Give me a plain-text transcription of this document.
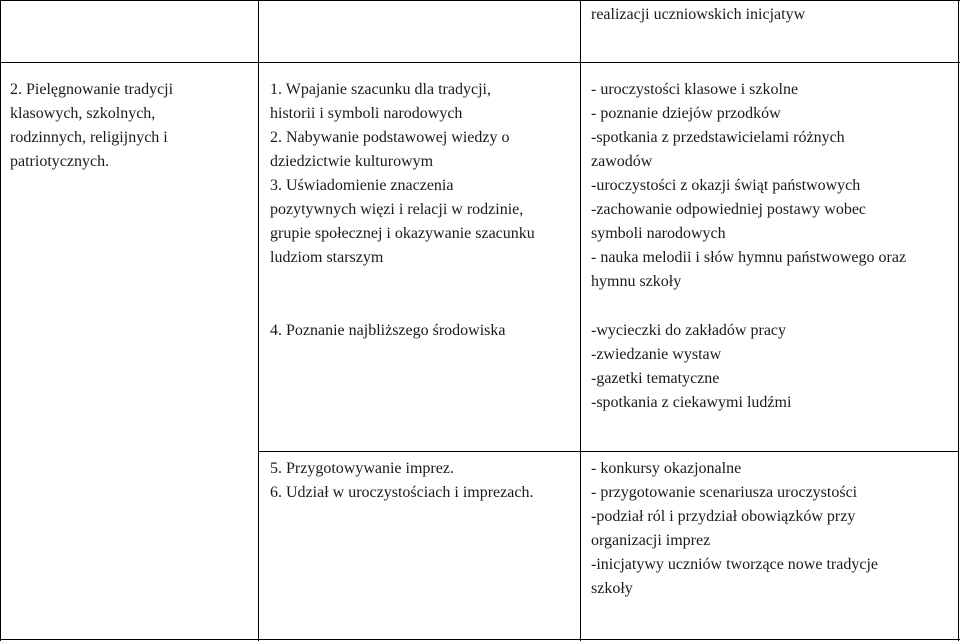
realizacji uczniowskich inicjatyw
2. Pielęgnowanie tradycji
klasowych, szkolnych,
rodzinnych, religijnych i
patriotycznych.
1. Wpajanie szacunku dla tradycji,
historii i symboli narodowych
2. Nabywanie podstawowej wiedzy o
dziedzictwie kulturowym
3. Uświadomienie znaczenia
pozytywnych więzi i relacji w rodzinie,
grupie społecznej i okazywanie szacunku
ludziom starszym
- uroczystości klasowe i szkolne
- poznanie dziejów przodków
-spotkania z przedstawicielami różnych
zawodów
-uroczystości z okazji świąt państwowych
-zachowanie odpowiedniej postawy wobec
symboli narodowych
- nauka melodii i słów hymnu państwowego oraz
hymnu szkoły
4. Poznanie najbliższego środowiska	-wycieczki do zakładów pracy
-zwiedzanie wystaw
-gazetki tematyczne
-spotkania z ciekawymi ludźmi
5. Przygotowywanie imprez.
6. Udział w uroczystościach i imprezach.
- konkursy okazjonalne
- przygotowanie scenariusza uroczystości
-podział ról i przydział obowiązków przy
organizacji imprez
-inicjatywy uczniów tworzące nowe tradycje
szkoły
